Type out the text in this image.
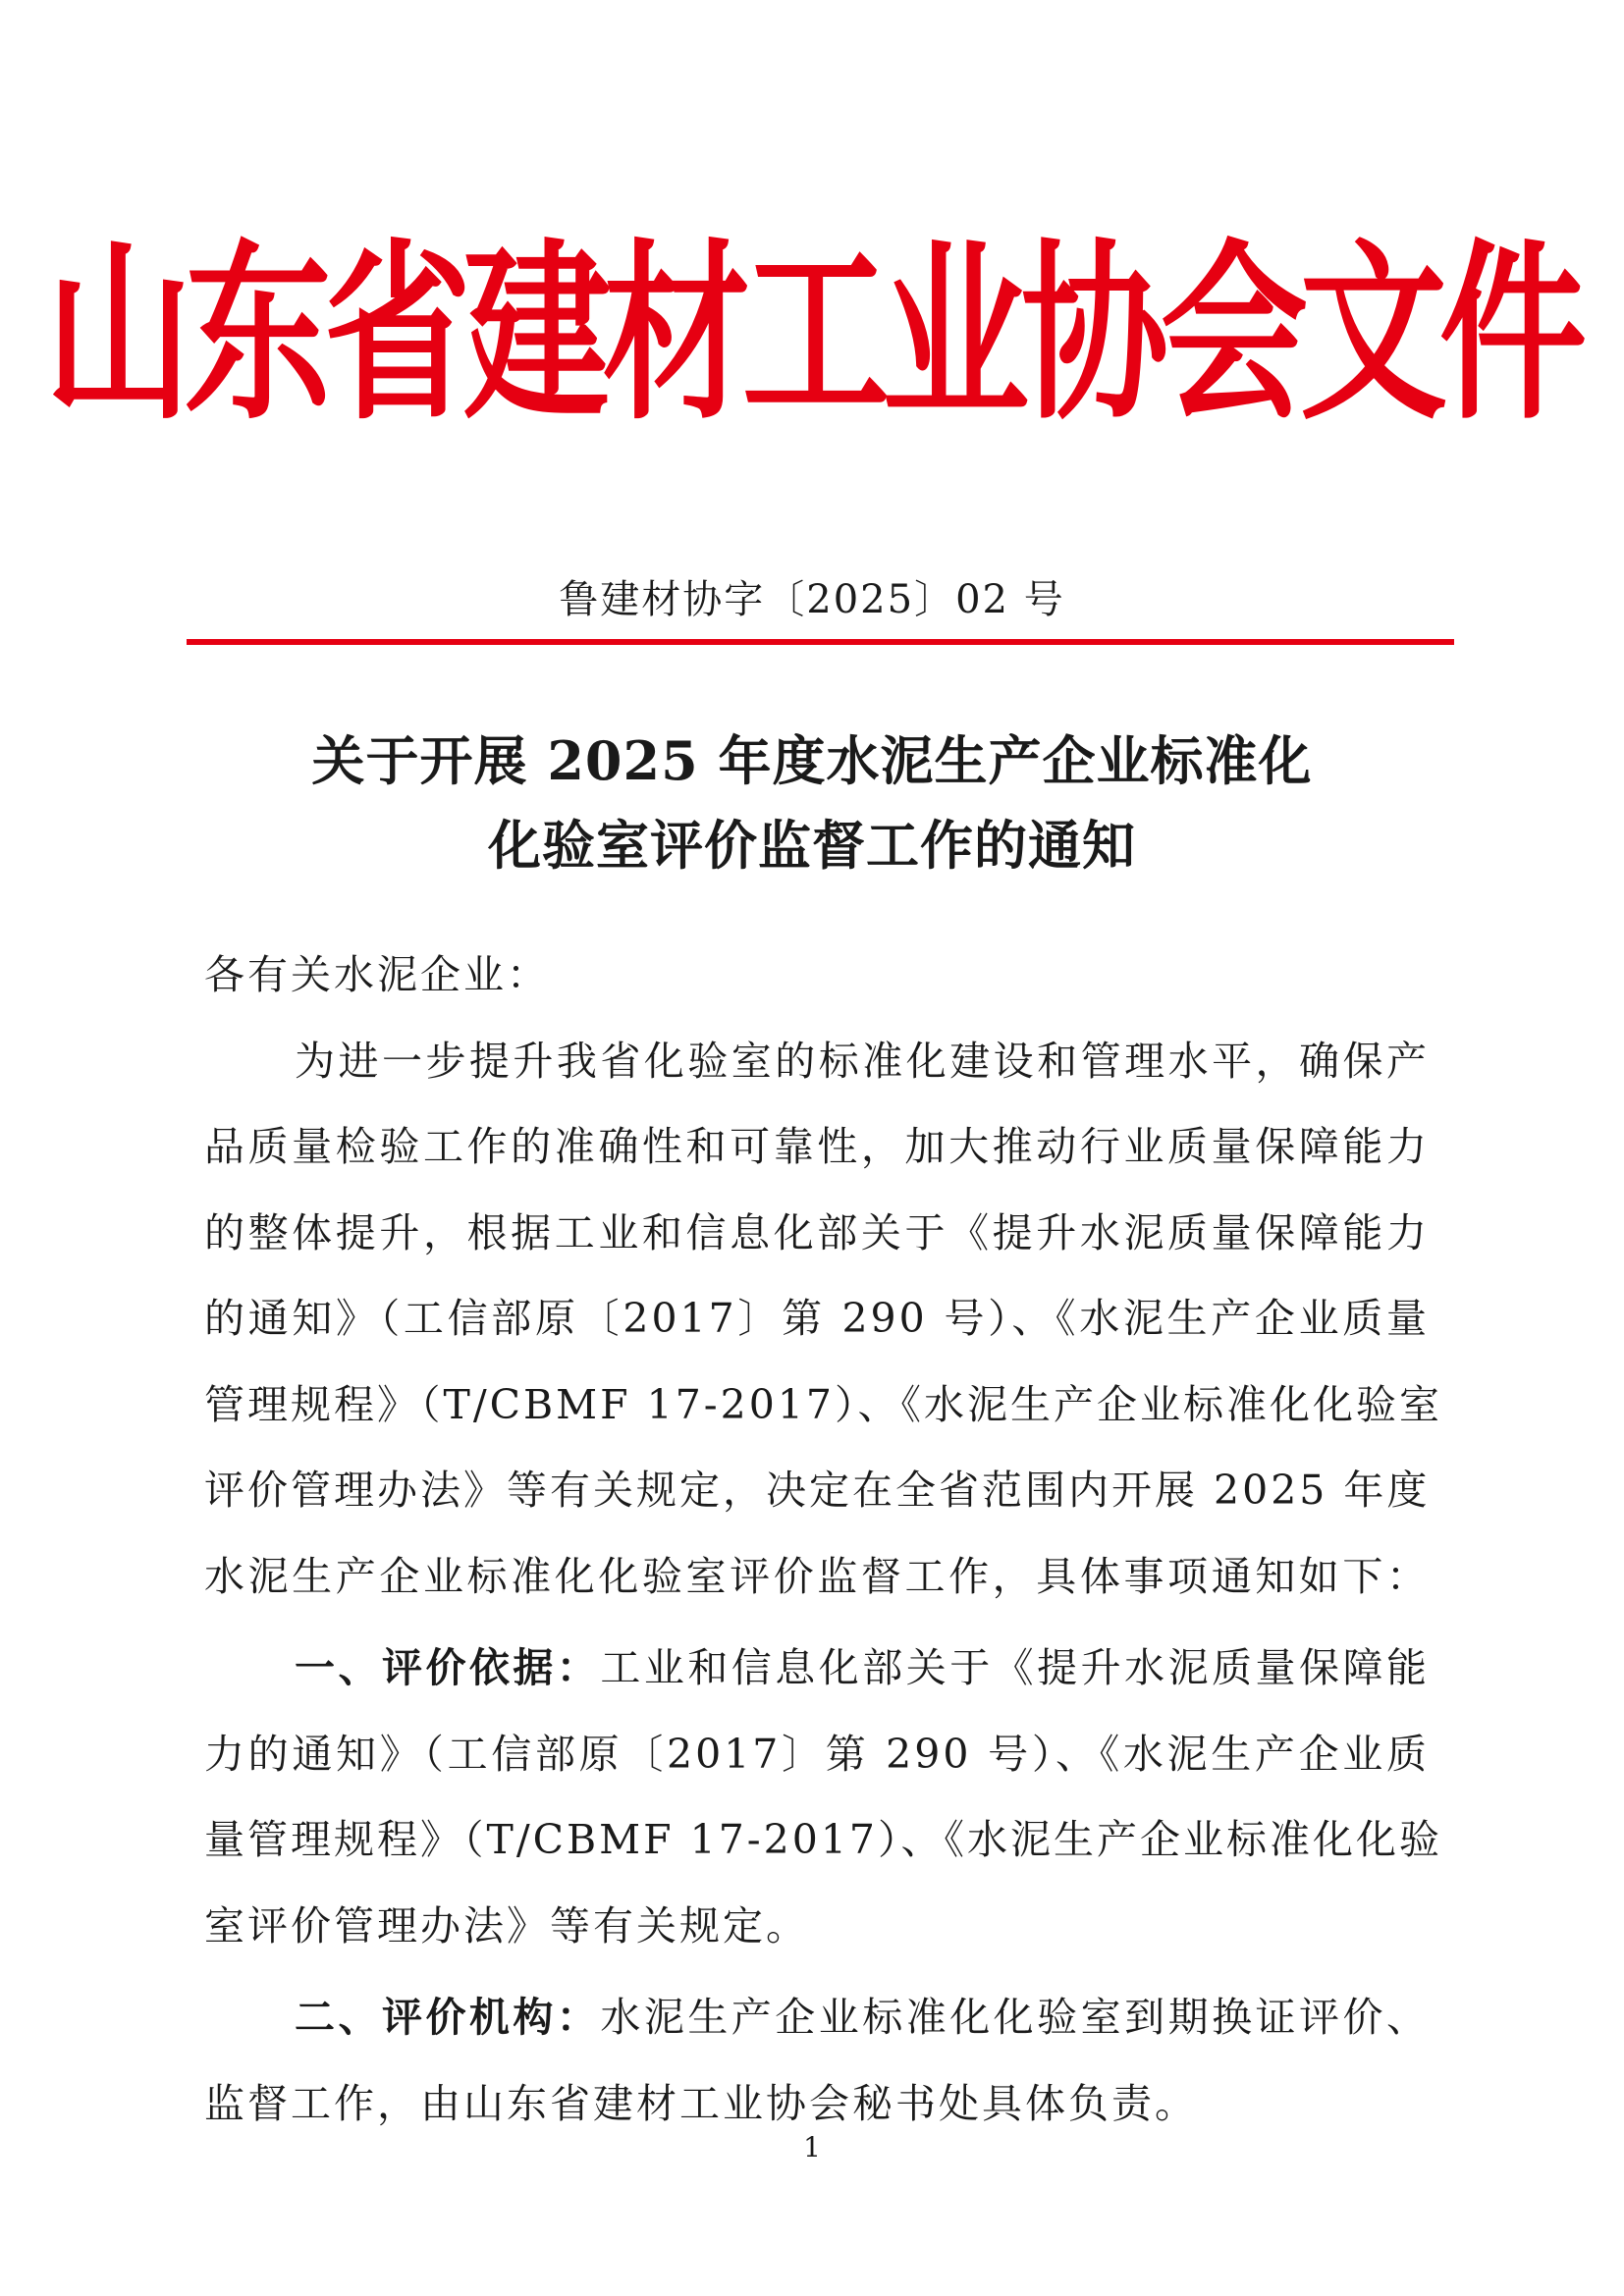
山东省建材工业协会文件
鲁建材协字〔2025〕02 号
关于开展 2025 年度水泥生产企业标准化
化验室评价监督工作的通知
各有关水泥企业：
为进一步提升我省化验室的标准化建设和管理水平，确保产
品质量检验工作的准确性和可靠性，加大推动行业质量保障能力
的整体提升，根据工业和信息化部关于《提升水泥质量保障能力
的通知》（工信部原〔2017〕第 290 号）、《水泥生产企业质量
管理规程》（T/CBMF 17-2017）、《水泥生产企业标准化化验室
评价管理办法》等有关规定，决定在全省范围内开展 2025 年度
水泥生产企业标准化化验室评价监督工作，具体事项通知如下：
一、评价依据：工业和信息化部关于《提升水泥质量保障能
力的通知》（工信部原〔2017〕第 290 号）、《水泥生产企业质
量管理规程》（T/CBMF 17-2017）、《水泥生产企业标准化化验
室评价管理办法》等有关规定。
二、评价机构：水泥生产企业标准化化验室到期换证评价、
监督工作，由山东省建材工业协会秘书处具体负责。
1
